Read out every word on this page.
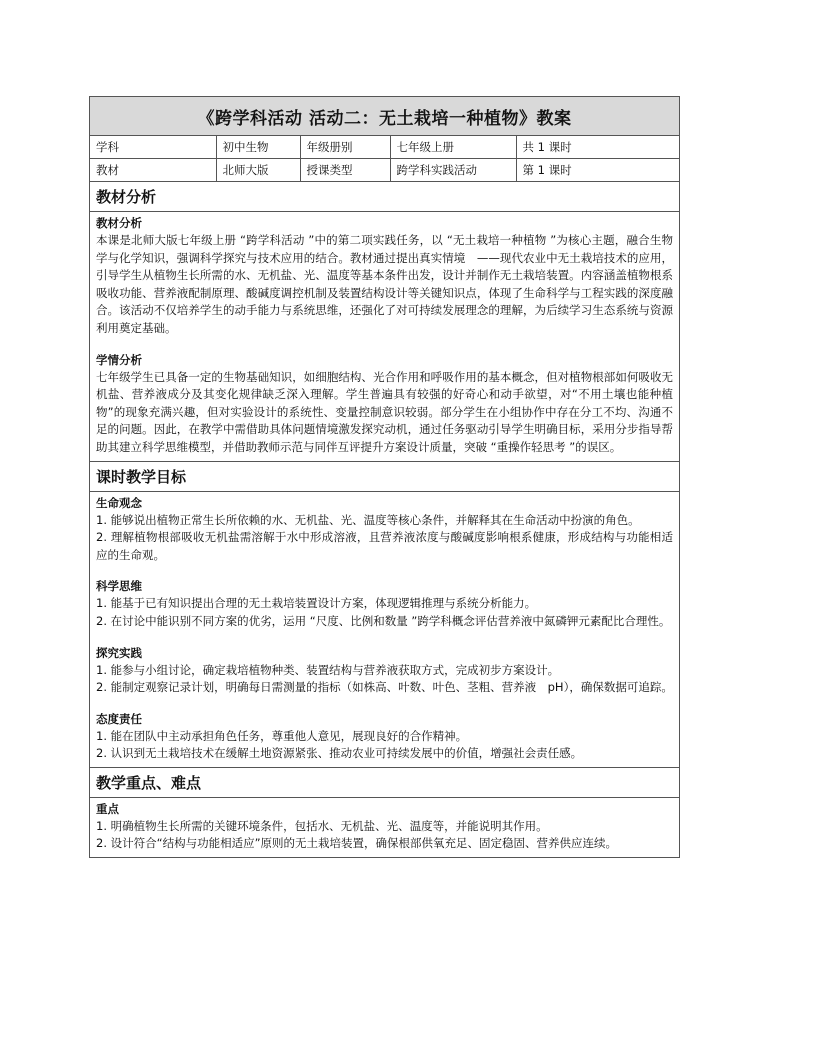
《跨学科活动 活动二：无土栽培一种植物》教案
学科	初中生物	年级册别	七年级上册	共 1 课时
教材	北师大版	授课类型	跨学科实践活动	第 1 课时
教材分析
教材分析

本课是北师大版七年级上册 “跨学科活动 ”中的第二项实践任务，以 “无土栽培一种植物 ”为核心主题，融合生物学与化学知识，强调科学探究与技术应用的结合。教材通过提出真实情境　——现代农业中无土栽培技术的应用，引导学生从植物生长所需的水、无机盐、光、温度等基本条件出发，设计并制作无土栽培装置。内容涵盖植物根系吸收功能、营养液配制原理、酸碱度调控机制及装置结构设计等关键知识点，体现了生命科学与工程实践的深度融合。该活动不仅培养学生的动手能力与系统思维，还强化了对可持续发展理念的理解，为后续学习生态系统与资源利用奠定基础。

学情分析

七年级学生已具备一定的生物基础知识，如细胞结构、光合作用和呼吸作用的基本概念，但对植物根部如何吸收无机盐、营养液成分及其变化规律缺乏深入理解。学生普遍具有较强的好奇心和动手欲望，对“不用土壤也能种植物”的现象充满兴趣，但对实验设计的系统性、变量控制意识较弱。部分学生在小组协作中存在分工不均、沟通不足的问题。因此，在教学中需借助具体问题情境激发探究动机，通过任务驱动引导学生明确目标，采用分步指导帮助其建立科学思维模型，并借助教师示范与同伴互评提升方案设计质量，突破 “重操作轻思考 ”的误区。

课时教学目标
生命观念

1. 能够说出植物正常生长所依赖的水、无机盐、光、温度等核心条件，并解释其在生命活动中扮演的角色。

2. 理解植物根部吸收无机盐需溶解于水中形成溶液，且营养液浓度与酸碱度影响根系健康，形成结构与功能相适应的生命观。

科学思维

1. 能基于已有知识提出合理的无土栽培装置设计方案，体现逻辑推理与系统分析能力。

2. 在讨论中能识别不同方案的优劣，运用 “尺度、比例和数量 ”跨学科概念评估营养液中氮磷钾元素配比合理性。

探究实践

1. 能参与小组讨论，确定栽培植物种类、装置结构与营养液获取方式，完成初步方案设计。

2. 能制定观察记录计划，明确每日需测量的指标（如株高、叶数、叶色、茎粗、营养液　pH），确保数据可追踪。

态度责任

1. 能在团队中主动承担角色任务，尊重他人意见，展现良好的合作精神。

2. 认识到无土栽培技术在缓解土地资源紧张、推动农业可持续发展中的价值，增强社会责任感。

教学重点、难点
重点

1. 明确植物生长所需的关键环境条件，包括水、无机盐、光、温度等，并能说明其作用。

2. 设计符合“结构与功能相适应”原则的无土栽培装置，确保根部供氧充足、固定稳固、营养供应连续。
